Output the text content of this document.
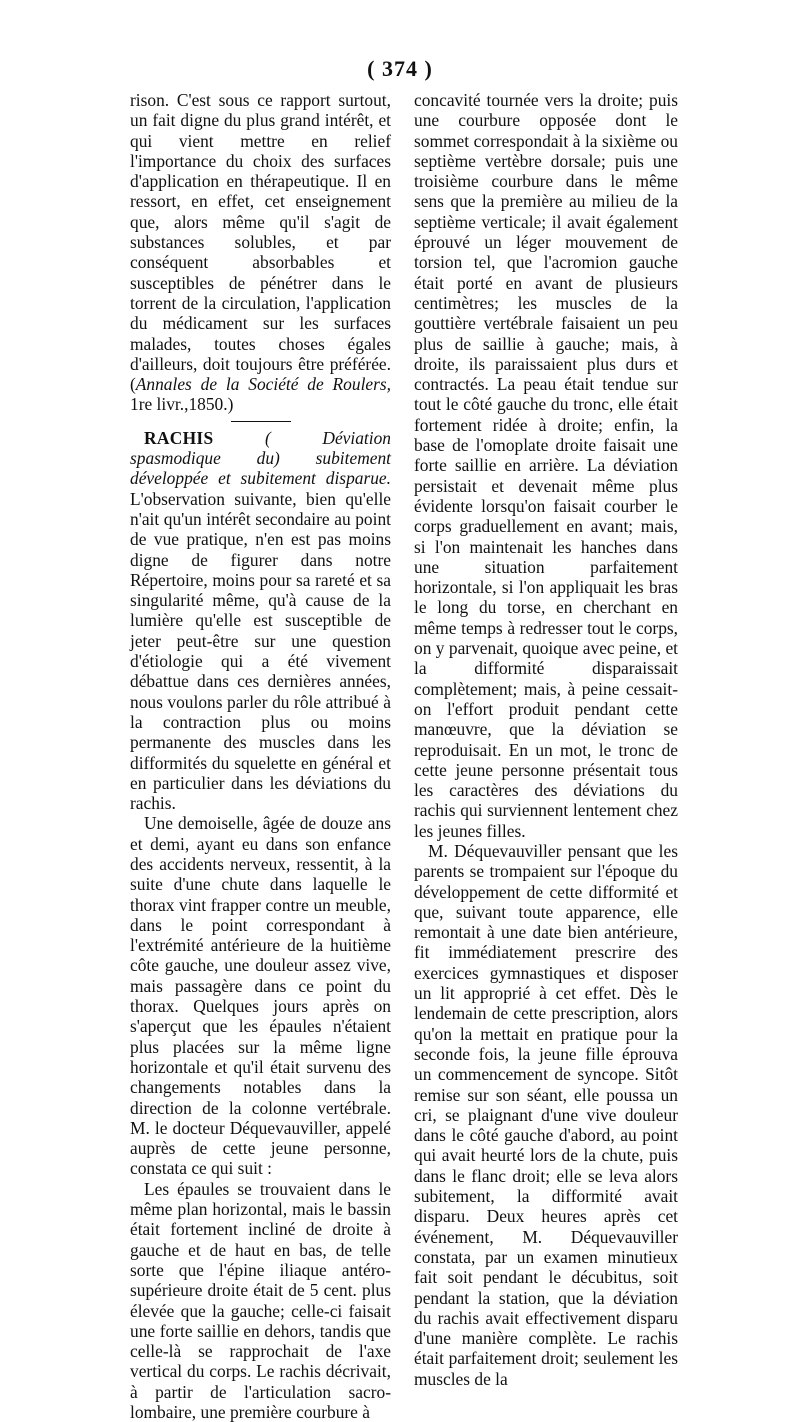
( 374 )

rison. C'est sous ce rapport surtout, un fait digne du plus grand intérêt, et qui vient mettre en relief l'importance du choix des surfaces d'application en thérapeutique. Il en ressort, en effet, cet enseignement que, alors même qu'il s'agit de substances solubles, et par conséquent absorbables et susceptibles de pénétrer dans le torrent de la circulation, l'application du médicament sur les surfaces malades, toutes choses égales d'ailleurs, doit toujours être préférée. (Annales de la Société de Roulers, 1re livr.,1850.)

RACHIS ( Déviation spasmodique du) subitement développée et subitement disparue. L'observation suivante, bien qu'elle n'ait qu'un intérêt secondaire au point de vue pratique, n'en est pas moins digne de figurer dans notre Répertoire, moins pour sa rareté et sa singularité même, qu'à cause de la lumière qu'elle est susceptible de jeter peut-être sur une question d'étiologie qui a été vivement débattue dans ces dernières années, nous voulons parler du rôle attribué à la contraction plus ou moins permanente des muscles dans les difformités du squelette en général et en particulier dans les déviations du rachis.

Une demoiselle, âgée de douze ans et demi, ayant eu dans son enfance des accidents nerveux, ressentit, à la suite d'une chute dans laquelle le thorax vint frapper contre un meuble, dans le point correspondant à l'extrémité antérieure de la huitième côte gauche, une douleur assez vive, mais passagère dans ce point du thorax. Quelques jours après on s'aperçut que les épaules n'étaient plus placées sur la même ligne horizontale et qu'il était survenu des changements notables dans la direction de la colonne vertébrale. M. le docteur Déquevauviller, appelé auprès de cette jeune personne, constata ce qui suit :

Les épaules se trouvaient dans le même plan horizontal, mais le bassin était fortement incliné de droite à gauche et de haut en bas, de telle sorte que l'épine iliaque antéro-supérieure droite était de 5 cent. plus élevée que la gauche; celle-ci faisait une forte saillie en dehors, tandis que celle-là se rapprochait de l'axe vertical du corps. Le rachis décrivait, à partir de l'articulation sacro-lombaire, une première courbure à

concavité tournée vers la droite; puis une courbure opposée dont le sommet correspondait à la sixième ou septième vertèbre dorsale; puis une troisième courbure dans le même sens que la première au milieu de la septième verticale; il avait également éprouvé un léger mouvement de torsion tel, que l'acromion gauche était porté en avant de plusieurs centimètres; les muscles de la gouttière vertébrale faisaient un peu plus de saillie à gauche; mais, à droite, ils paraissaient plus durs et contractés. La peau était tendue sur tout le côté gauche du tronc, elle était fortement ridée à droite; enfin, la base de l'omoplate droite faisait une forte saillie en arrière. La déviation persistait et devenait même plus évidente lorsqu'on faisait courber le corps graduellement en avant; mais, si l'on maintenait les hanches dans une situation parfaitement horizontale, si l'on appliquait les bras le long du torse, en cherchant en même temps à redresser tout le corps, on y parvenait, quoique avec peine, et la difformité disparaissait complètement; mais, à peine cessait-on l'effort produit pendant cette manœuvre, que la déviation se reproduisait. En un mot, le tronc de cette jeune personne présentait tous les caractères des déviations du rachis qui surviennent lentement chez les jeunes filles.

M. Déquevauviller pensant que les parents se trompaient sur l'époque du développement de cette difformité et que, suivant toute apparence, elle remontait à une date bien antérieure, fit immédiatement prescrire des exercices gymnastiques et disposer un lit approprié à cet effet. Dès le lendemain de cette prescription, alors qu'on la mettait en pratique pour la seconde fois, la jeune fille éprouva un commencement de syncope. Sitôt remise sur son séant, elle poussa un cri, se plaignant d'une vive douleur dans le côté gauche d'abord, au point qui avait heurté lors de la chute, puis dans le flanc droit; elle se leva alors subitement, la difformité avait disparu. Deux heures après cet événement, M. Déquevauviller constata, par un examen minutieux fait soit pendant le décubitus, soit pendant la station, que la déviation du rachis avait effectivement disparu d'une manière complète. Le rachis était parfaitement droit; seulement les muscles de la
